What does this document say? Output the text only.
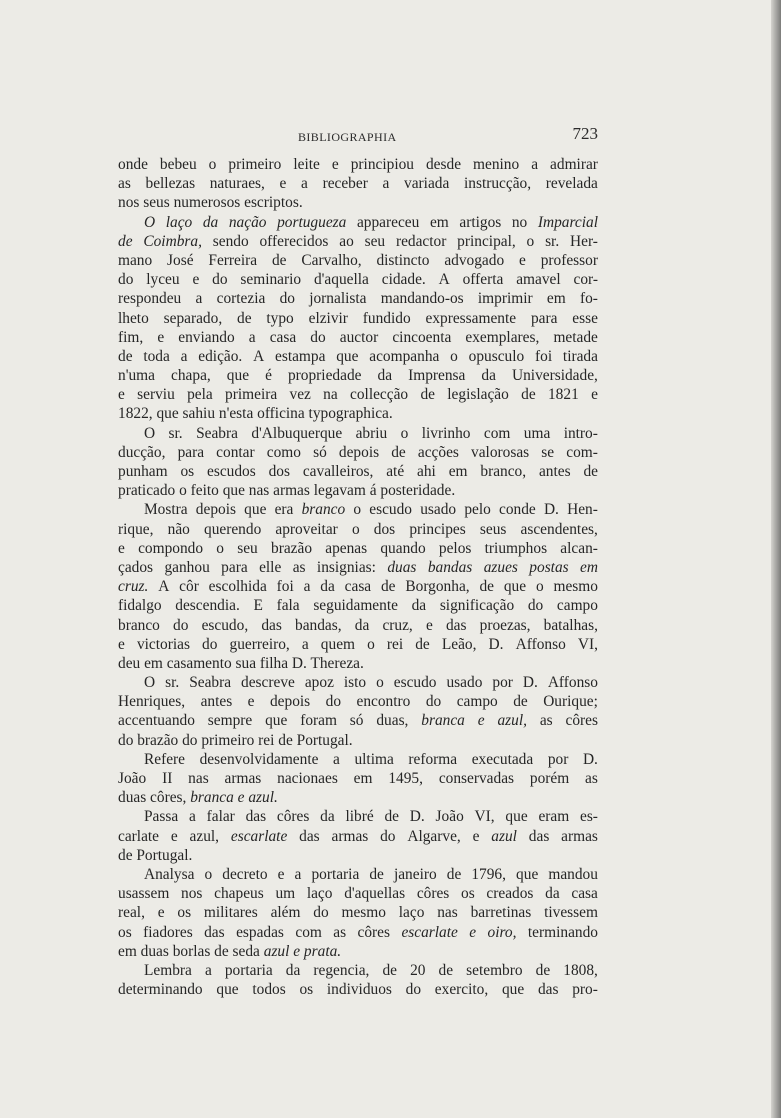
BIBLIOGRAPHIA	723
onde bebeu o primeiro leite e principiou desde menino a admirar
as bellezas naturaes, e a receber a variada instrucção, revelada
nos seus numerosos escriptos.
O laço da nação portugueza appareceu em artigos no Imparcial
de Coimbra, sendo offerecidos ao seu redactor principal, o sr. Her-
mano José Ferreira de Carvalho, distincto advogado e professor
do lyceu e do seminario d'aquella cidade. A offerta amavel cor-
respondeu a cortezia do jornalista mandando-os imprimir em fo-
lheto separado, de typo elzivir fundido expressamente para esse
fim, e enviando a casa do auctor cincoenta exemplares, metade
de toda a edição. A estampa que acompanha o opusculo foi tirada
n'uma chapa, que é propriedade da Imprensa da Universidade,
e serviu pela primeira vez na collecção de legislação de 1821 e
1822, que sahiu n'esta officina typographica.
O sr. Seabra d'Albuquerque abriu o livrinho com uma intro-
ducção, para contar como só depois de acções valorosas se com-
punham os escudos dos cavalleiros, até ahi em branco, antes de
praticado o feito que nas armas legavam á posteridade.
Mostra depois que era branco o escudo usado pelo conde D. Hen-
rique, não querendo aproveitar o dos principes seus ascendentes,
e compondo o seu brazão apenas quando pelos triumphos alcan-
çados ganhou para elle as insignias: duas bandas azues postas em
cruz. A côr escolhida foi a da casa de Borgonha, de que o mesmo
fidalgo descendia. E fala seguidamente da significação do campo
branco do escudo, das bandas, da cruz, e das proezas, batalhas,
e victorias do guerreiro, a quem o rei de Leão, D. Affonso VI,
deu em casamento sua filha D. Thereza.
O sr. Seabra descreve apoz isto o escudo usado por D. Affonso
Henriques, antes e depois do encontro do campo de Ourique;
accentuando sempre que foram só duas, branca e azul, as côres
do brazão do primeiro rei de Portugal.
Refere desenvolvidamente a ultima reforma executada por D.
João II nas armas nacionaes em 1495, conservadas porém as
duas côres, branca e azul.
Passa a falar das côres da libré de D. João VI, que eram es-
carlate e azul, escarlate das armas do Algarve, e azul das armas
de Portugal.
Analysa o decreto e a portaria de janeiro de 1796, que mandou
usassem nos chapeus um laço d'aquellas côres os creados da casa
real, e os militares além do mesmo laço nas barretinas tivessem
os fiadores das espadas com as côres escarlate e oiro, terminando
em duas borlas de seda azul e prata.
Lembra a portaria da regencia, de 20 de setembro de 1808,
determinando que todos os individuos do exercito, que das pro-
